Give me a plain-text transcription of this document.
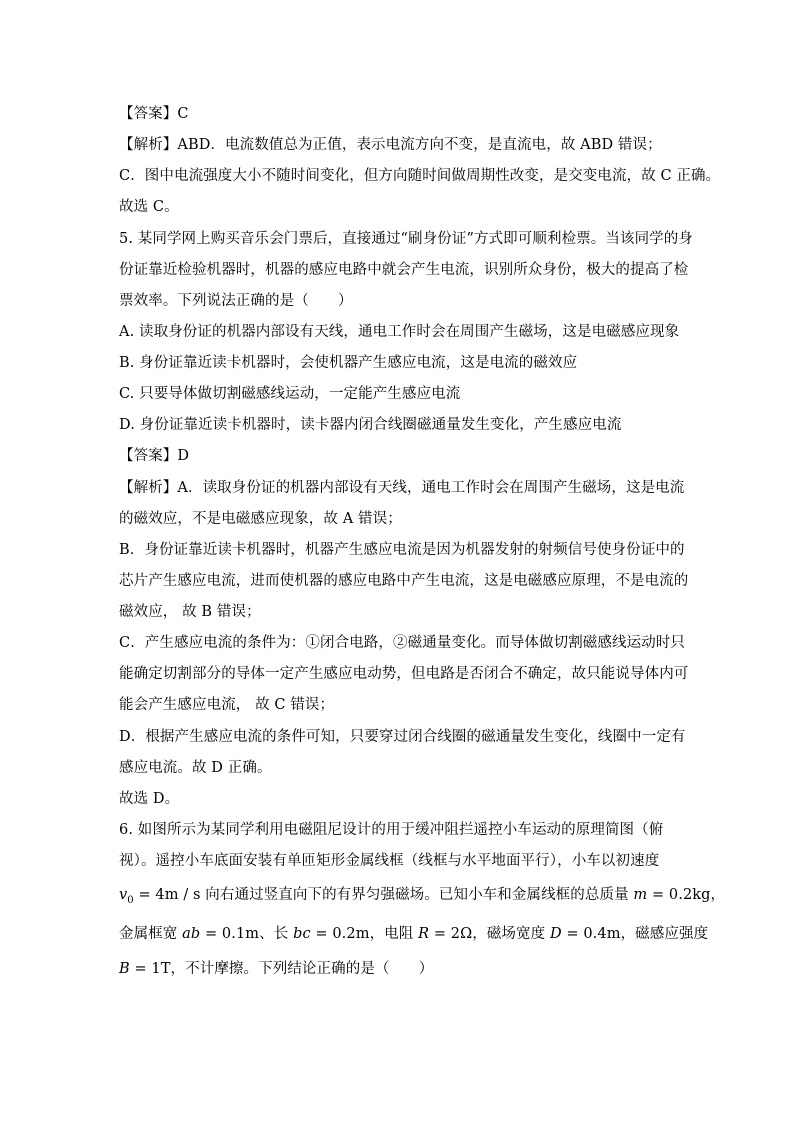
【答案】C
【解析】ABD．电流数值总为正值，表示电流方向不变，是直流电，故 ABD 错误；
C．图中电流强度大小不随时间变化，但方向随时间做周期性改变，是交变电流，故 C 正确。
故选 C。
5. 某同学网上购买音乐会门票后，直接通过“刷身份证”方式即可顺利检票。当该同学的身
份证靠近检验机器时，机器的感应电路中就会产生电流，识别所众身份，极大的提高了检
票效率。下列说法正确的是（　　）
A. 读取身份证的机器内部设有天线，通电工作时会在周围产生磁场，这是电磁感应现象
B. 身份证靠近读卡机器时，会使机器产生感应电流，这是电流的磁效应
C. 只要导体做切割磁感线运动，一定能产生感应电流
D. 身份证靠近读卡机器时，读卡器内闭合线圈磁通量发生变化，产生感应电流
【答案】D
【解析】A．读取身份证的机器内部设有天线，通电工作时会在周围产生磁场，这是电流
的磁效应，不是电磁感应现象，故 A 错误；
B．身份证靠近读卡机器时，机器产生感应电流是因为机器发射的射频信号使身份证中的
芯片产生感应电流，进而使机器的感应电路中产生电流，这是电磁感应原理，不是电流的
磁效应， 故 B 错误；
C．产生感应电流的条件为：①闭合电路，②磁通量变化。而导体做切割磁感线运动时只
能确定切割部分的导体一定产生感应电动势，但电路是否闭合不确定，故只能说导体内可
能会产生感应电流， 故 C 错误；
D．根据产生感应电流的条件可知，只要穿过闭合线圈的磁通量发生变化，线圈中一定有
感应电流。故 D 正确。
故选 D。
6. 如图所示为某同学利用电磁阻尼设计的用于缓冲阻拦遥控小车运动的原理简图（俯
视）。遥控小车底面安装有单匝矩形金属线框（线框与水平地面平行），小车以初速度
$v_0 = 4m / s$ 向右通过竖直向下的有界匀强磁场。已知小车和金属线框的总质量 m = 0.2kg，
金属框宽 ab = 0.1m、长 bc = 0.2m，电阻 R = 2Ω，磁场宽度 D = 0.4m，磁感应强度
B = 1T，不计摩擦。下列结论正确的是（　　）
